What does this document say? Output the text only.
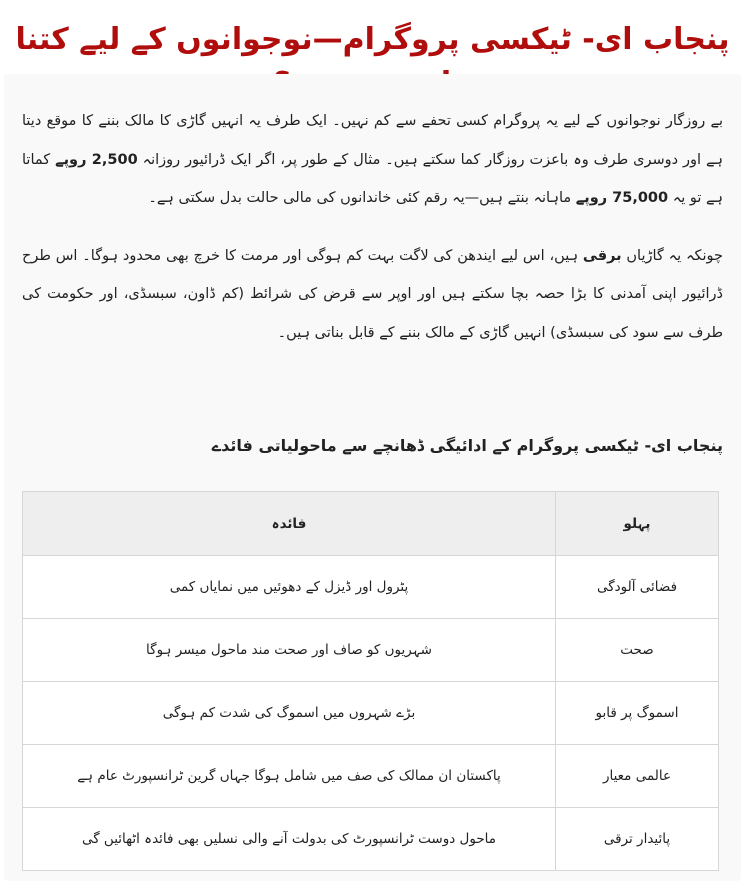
پنجاب ای- ٹیکسی پروگرام—نوجوانوں کے لیے کتنا

بے روزگار نوجوانوں کے لیے یہ پروگرام کسی تحفے سے کم نہیں۔ ایک طرف یہ انہیں گاڑی کا مالک بننے کا موقع دیتا ہے اور دوسری طرف وہ باعزت روزگار کما سکتے ہیں۔ مثال کے طور پر، اگر ایک ڈرائیور روزانہ 2,500 روپے کماتا ہے تو یہ 75,000 روپے ماہانہ بنتے ہیں—یہ رقم کئی خاندانوں کی مالی حالت بدل سکتی ہے۔

چونکہ یہ گاڑیاں برقی ہیں، اس لیے ایندھن کی لاگت بہت کم ہوگی اور مرمت کا خرچ بھی محدود ہوگا۔ اس طرح ڈرائیور اپنی آمدنی کا بڑا حصہ بچا سکتے ہیں اور اوپر سے قرض کی شرائط (کم ڈاون، سبسڈی، اور حکومت کی طرف سے سود کی سبسڈی) انہیں گاڑی کے مالک بننے کے قابل بناتی ہیں۔

پنجاب ای- ٹیکسی پروگرام کے ادائیگی ڈھانچے سے ماحولیاتی فائدے
پہلو	فائدہ
فضائی آلودگی	پٹرول اور ڈیزل کے دھوئیں میں نمایاں کمی
صحت	شہریوں کو صاف اور صحت مند ماحول میسر ہوگا
اسموگ پر قابو	بڑے شہروں میں اسموگ کی شدت کم ہوگی
عالمی معیار	پاکستان ان ممالک کی صف میں شامل ہوگا جہاں گرین ٹرانسپورٹ عام ہے
پائیدار ترقی	ماحول دوست ٹرانسپورٹ کی بدولت آنے والی نسلیں بھی فائدہ اٹھائیں گی
